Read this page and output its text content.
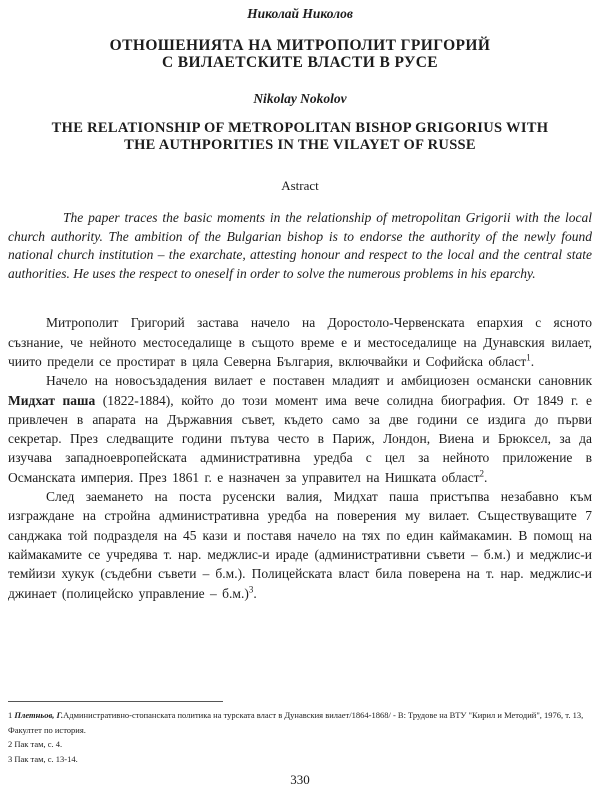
Николай Николов
ОТНОШЕНИЯТА НА МИТРОПОЛИТ ГРИГОРИЙ
С ВИЛАЕТСКИТЕ ВЛАСТИ В РУСЕ
Nikolay Nokolov
THE RELATIONSHIP OF METROPOLITAN BISHOP GRIGORIUS WITH
THE AUTHPORITIES IN THE VILAYET OF RUSSE
Astract

The paper traces the basic moments in the relationship of metropolitan Grigorii with the local church authority. The ambition of the Bulgarian bishop is to endorse the authority of the newly found national church institution – the exarchate, attesting honour and respect to the local and the central state authorities. He uses the respect to oneself in order to solve the numerous problems in his eparchy.

Митрополит Григорий застава начело на Доростоло-Червенската епархия с ясното съзнание, че нейното местоседалище в същото време е и местоседалище на Дунавския вилает, чиито предели се простират в цяла Северна България, включвайки и Софийска област$^1$.

Начело на новосъздадения вилает е поставен младият и амбициозен османски сановник Мидхат паша (1822-1884), който до този момент има вече солидна биография. От 1849 г. е привлечен в апарата на Държавния съвет, където само за две години се издига до първи секретар. През следващите години пътува често в Париж, Лондон, Виена и Брюксел, за да изучава западноевропейската административна уредба с цел за нейното приложение в Османската империя. През 1861 г. е назначен за управител на Нишката област$^2$.

След заемането на поста русенски валия, Мидхат паша пристъпва незабавно към изграждане на стройна административна уредба на поверения му вилает. Съществуващите 7 санджака той подразделя на 45 кази и поставя начело на тях по един каймакамин. В помощ на каймакамите се учредява т. нар. меджлис-и ираде (административни съвети – б.м.) и меджлис-и темйизи хукук (съдебни съвети – б.м.). Полицейската власт била поверена на т. нар. меджлис-и джинает (полицейско управление – б.м.)$^3$.

1 Плетньов, Г.Административно-стопанската политика на турската власт в Дунавския вилает/1864-1868/ - В: Трудове на ВТУ "Кирил и Методий", 1976, т. 13, Факултет по история.
2 Пак там, с. 4.
3 Пак там, с. 13-14.
330
